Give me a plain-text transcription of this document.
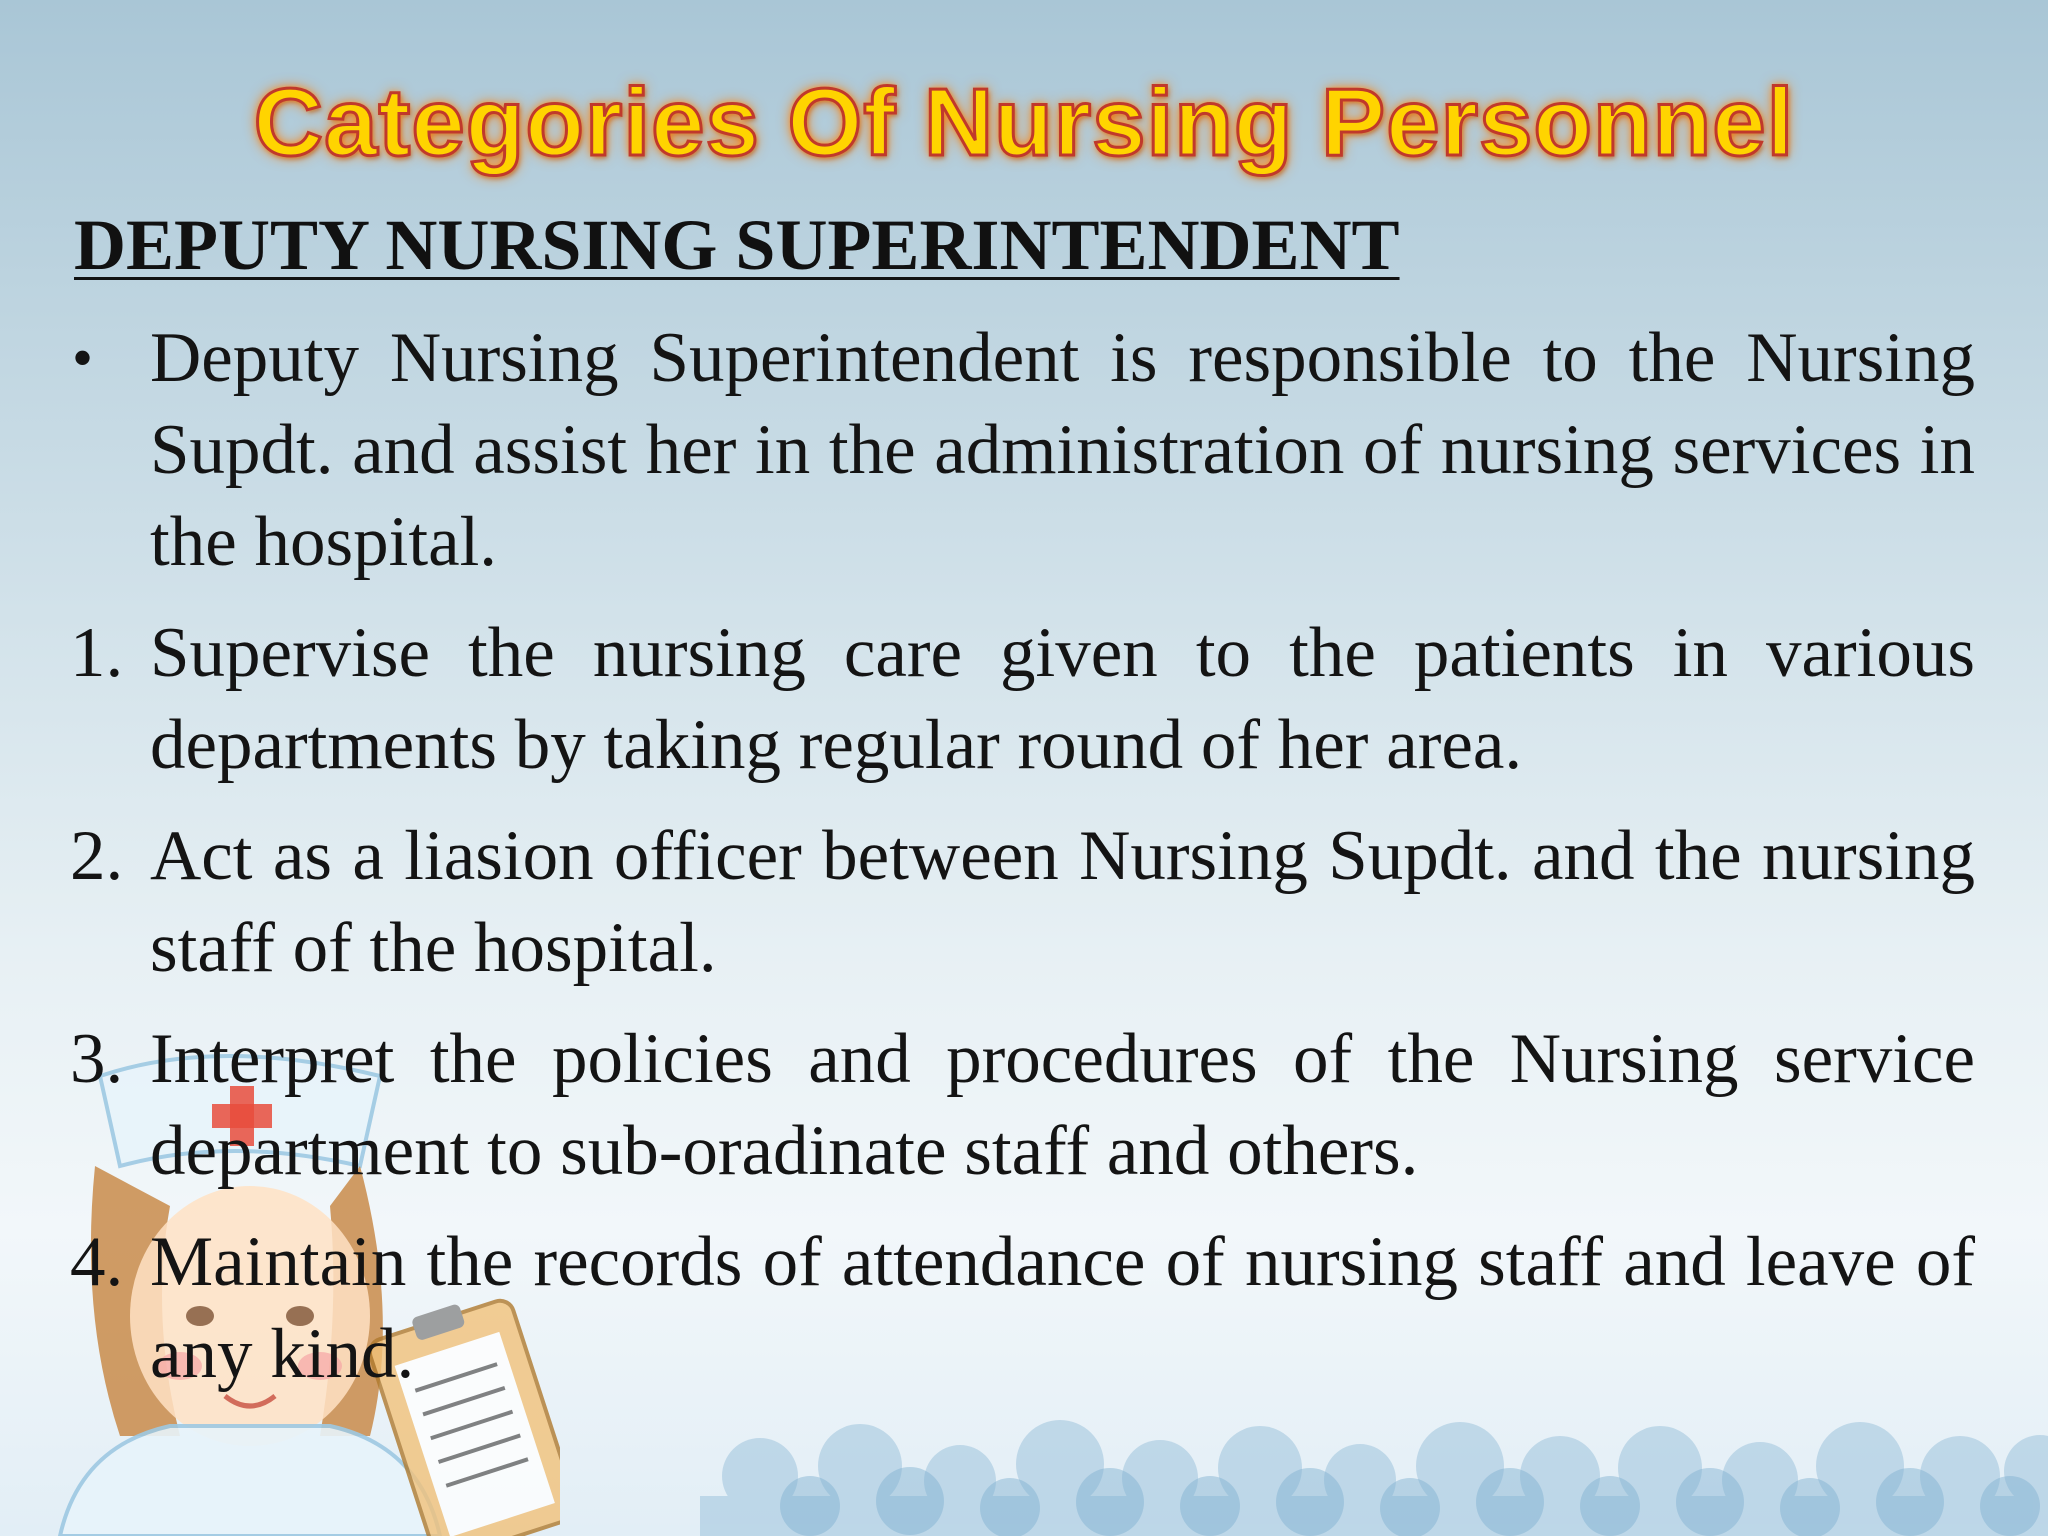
Categories Of Nursing Personnel
DEPUTY NURSING SUPERINTENDENT
• Deputy Nursing Superintendent is responsible to the Nursing Supdt. and assist her in the administration of nursing services in the hospital.
1. Supervise the nursing care given to the patients in various departments by taking regular round of her area.
2. Act as a liasion officer between Nursing Supdt. and the nursing staff of the hospital.
3. Interpret the policies and procedures of the Nursing service department to sub-oradinate staff and others.
4. Maintain the records of attendance of nursing staff and leave of any kind.
